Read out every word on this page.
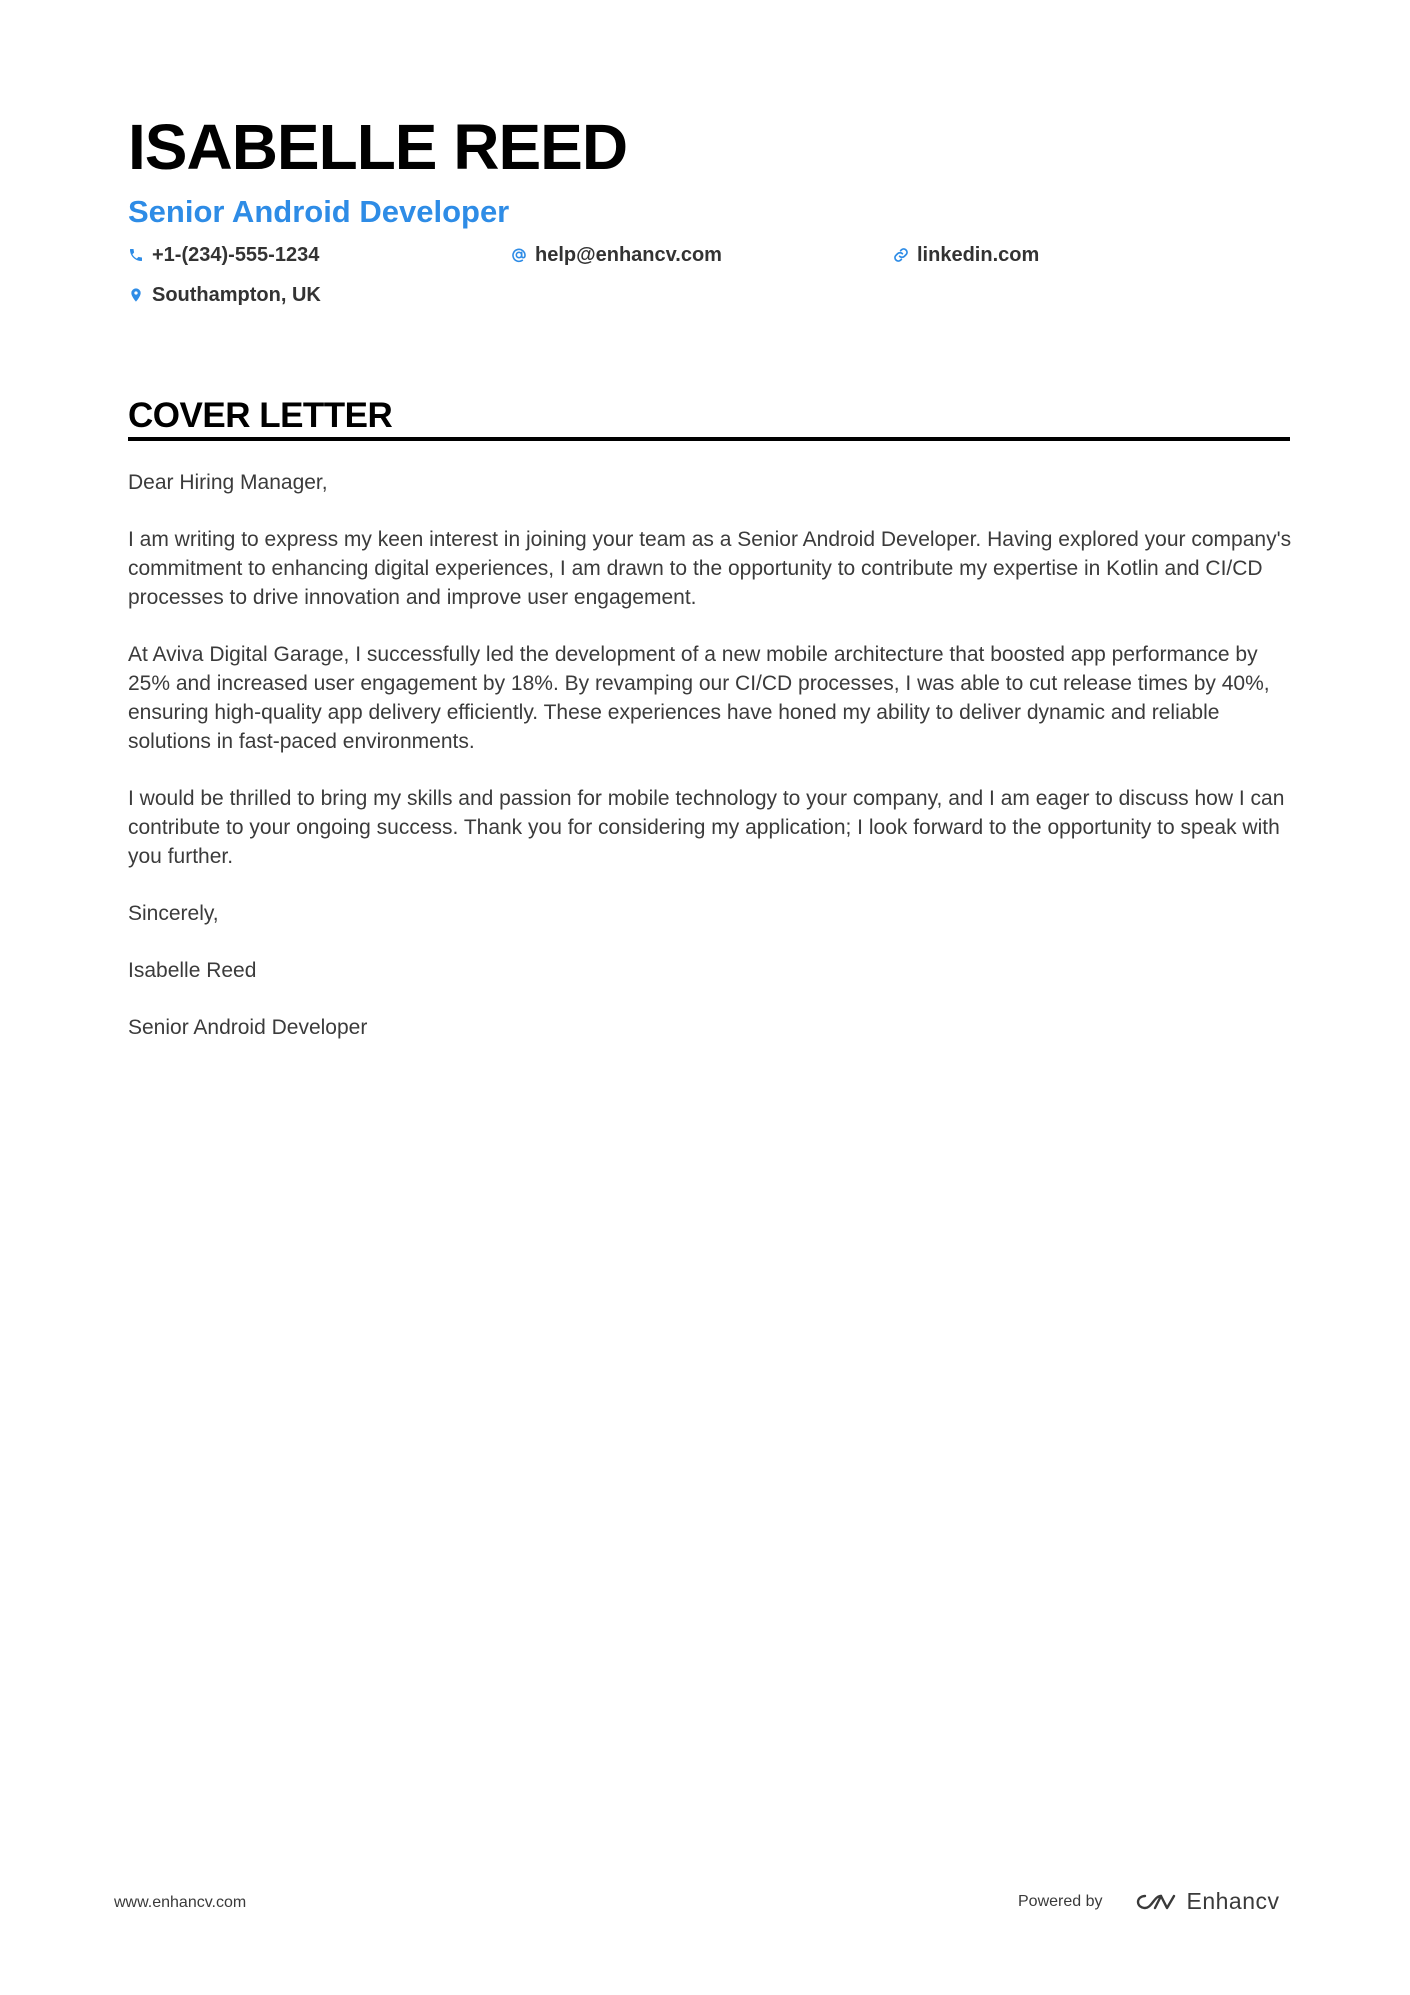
ISABELLE REED
Senior Android Developer
+1-(234)-555-1234	help@enhancv.com	linkedin.com
Southampton, UK
COVER LETTER

Dear Hiring Manager,

I am writing to express my keen interest in joining your team as a Senior Android Developer. Having explored your company's commitment to enhancing digital experiences, I am drawn to the opportunity to contribute my expertise in Kotlin and CI/CD processes to drive innovation and improve user engagement.

At Aviva Digital Garage, I successfully led the development of a new mobile architecture that boosted app performance by 25% and increased user engagement by 18%. By revamping our CI/CD processes, I was able to cut release times by 40%, ensuring high-quality app delivery efficiently. These experiences have honed my ability to deliver dynamic and reliable solutions in fast-paced environments.

I would be thrilled to bring my skills and passion for mobile technology to your company, and I am eager to discuss how I can contribute to your ongoing success. Thank you for considering my application; I look forward to the opportunity to speak with you further.

Sincerely,

Isabelle Reed

Senior Android Developer

www.enhancv.com	Powered by	Enhancv
